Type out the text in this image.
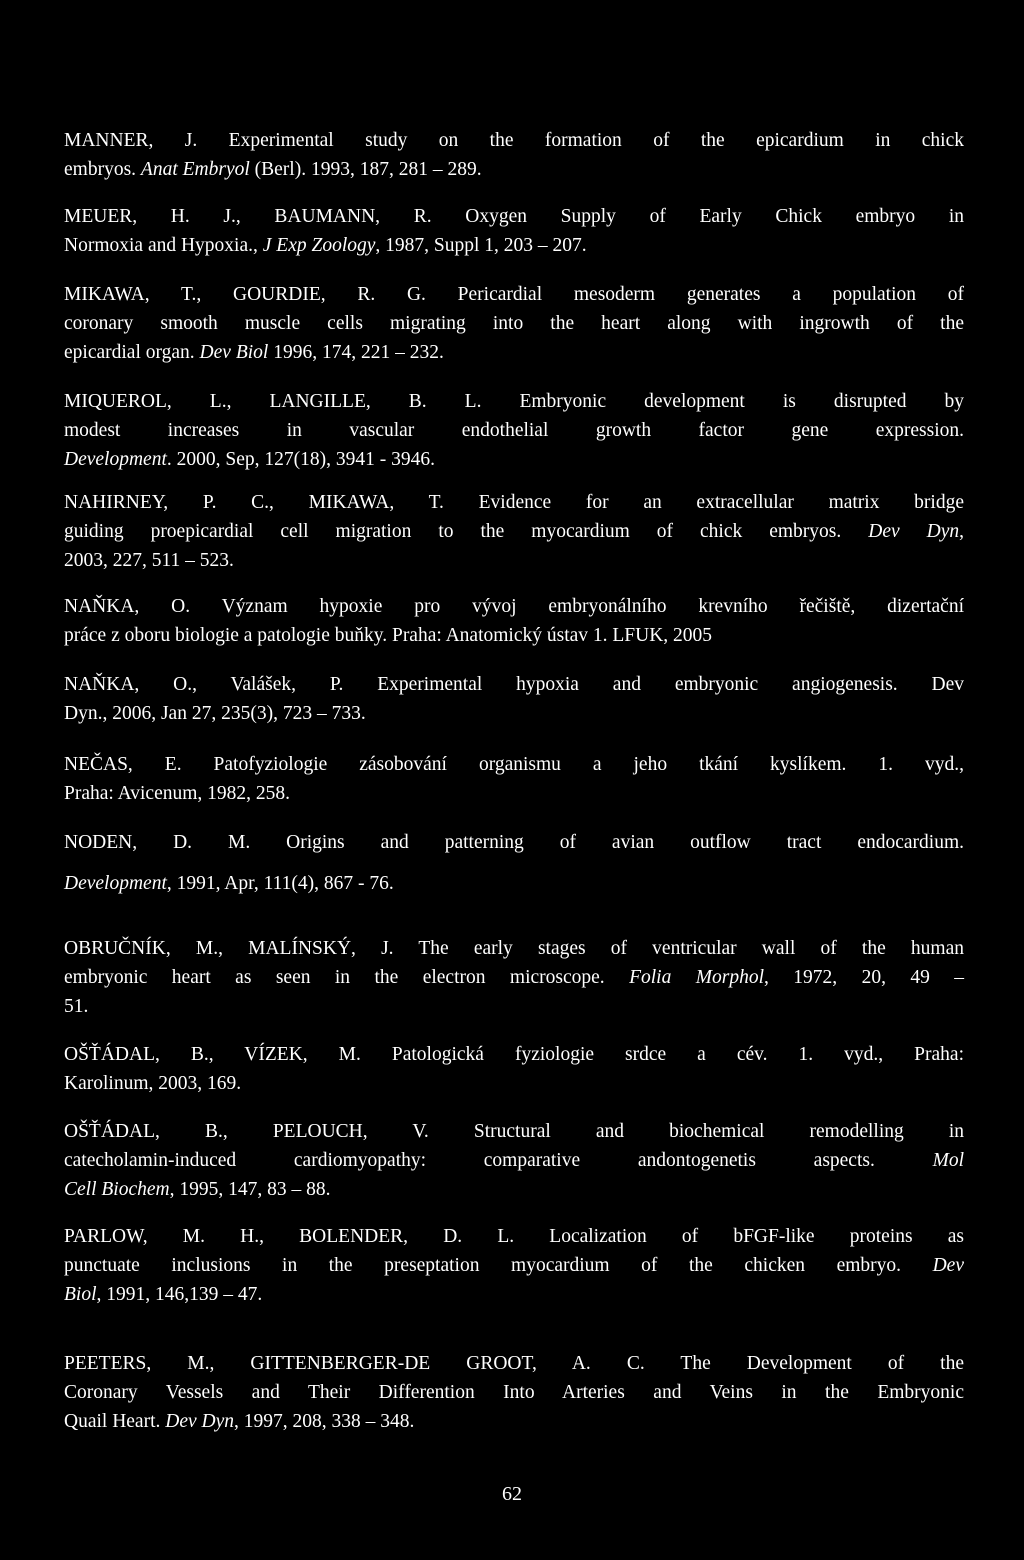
MANNER, J. Experimental study on the formation of the epicardium in chick
embryos. Anat Embryol (Berl). 1993, 187, 281 – 289.
MEUER, H. J., BAUMANN, R. Oxygen Supply of Early Chick embryo in
Normoxia and Hypoxia., J Exp Zoology, 1987, Suppl 1, 203 – 207.
MIKAWA, T., GOURDIE, R. G. Pericardial mesoderm generates a population of
coronary smooth muscle cells migrating into the heart along with ingrowth of the
epicardial organ. Dev Biol 1996, 174, 221 – 232.
MIQUEROL, L., LANGILLE, B. L. Embryonic development is disrupted by
modest increases in vascular endothelial growth factor gene expression.
Development. 2000, Sep, 127(18), 3941 - 3946.
NAHIRNEY, P. C., MIKAWA, T. Evidence for an extracellular matrix bridge
guiding proepicardial cell migration to the myocardium of chick embryos. Dev Dyn,
2003, 227, 511 – 523.
NAŇKA, O. Význam hypoxie pro vývoj embryonálního krevního řečiště, dizertační
práce z oboru biologie a patologie buňky. Praha: Anatomický ústav 1. LFUK, 2005
NAŇKA, O., Valášek, P. Experimental hypoxia and embryonic angiogenesis. Dev
Dyn., 2006, Jan 27, 235(3), 723 – 733.
NEČAS, E. Patofyziologie zásobování organismu a jeho tkání kyslíkem. 1. vyd.,
Praha: Avicenum, 1982, 258.
NODEN, D. M. Origins and patterning of avian outflow tract endocardium.
Development, 1991, Apr, 111(4), 867 - 76.
OBRUČNÍK, M., MALÍNSKÝ, J. The early stages of ventricular wall of the human
embryonic heart as seen in the electron microscope. Folia Morphol, 1972, 20, 49 –
51.
OŠŤÁDAL, B., VÍZEK, M. Patologická fyziologie srdce a cév. 1. vyd., Praha:
Karolinum, 2003, 169.
OŠŤÁDAL, B., PELOUCH, V. Structural and biochemical remodelling in
catecholamin-induced cardiomyopathy: comparative andontogenetis aspects. Mol
Cell Biochem, 1995, 147, 83 – 88.
PARLOW, M. H., BOLENDER, D. L. Localization of bFGF-like proteins as
punctuate inclusions in the preseptation myocardium of the chicken embryo. Dev
Biol, 1991, 146,139 – 47.
PEETERS, M., GITTENBERGER-DE GROOT, A. C. The Development of the
Coronary Vessels and Their Differention Into Arteries and Veins in the Embryonic
Quail Heart. Dev Dyn, 1997, 208, 338 – 348.
62
